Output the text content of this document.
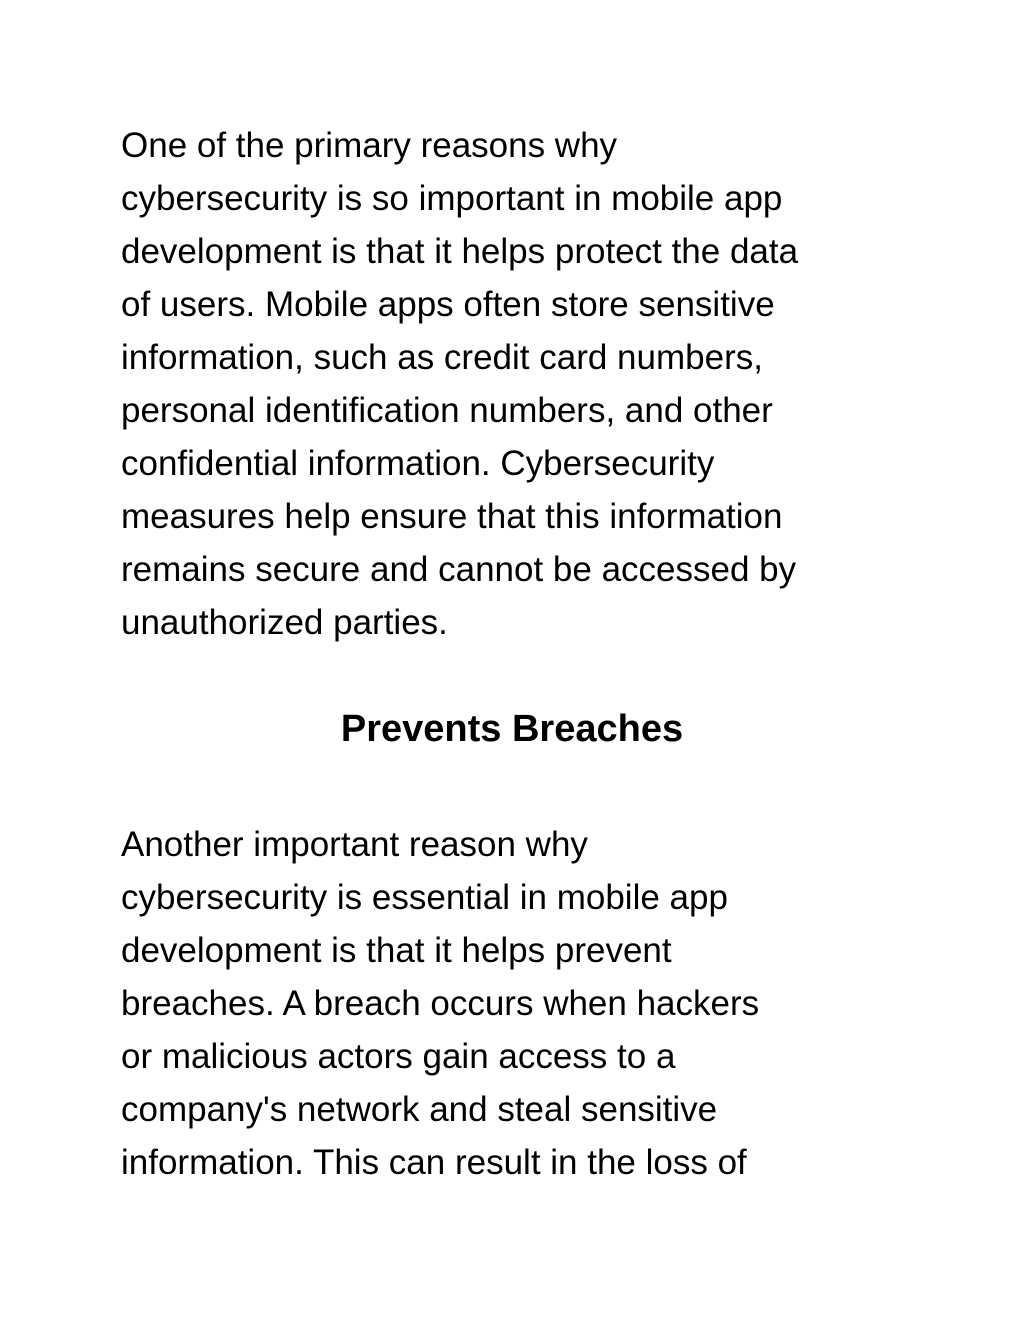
One of the primary reasons why

cybersecurity is so important in mobile app

development is that it helps protect the data

of users. Mobile apps often store sensitive

information, such as credit card numbers,

personal identification numbers, and other

confidential information. Cybersecurity

measures help ensure that this information

remains secure and cannot be accessed by

unauthorized parties.

Prevents Breaches

Another important reason why

cybersecurity is essential in mobile app

development is that it helps prevent

breaches. A breach occurs when hackers

or malicious actors gain access to a

company's network and steal sensitive

information. This can result in the loss of
